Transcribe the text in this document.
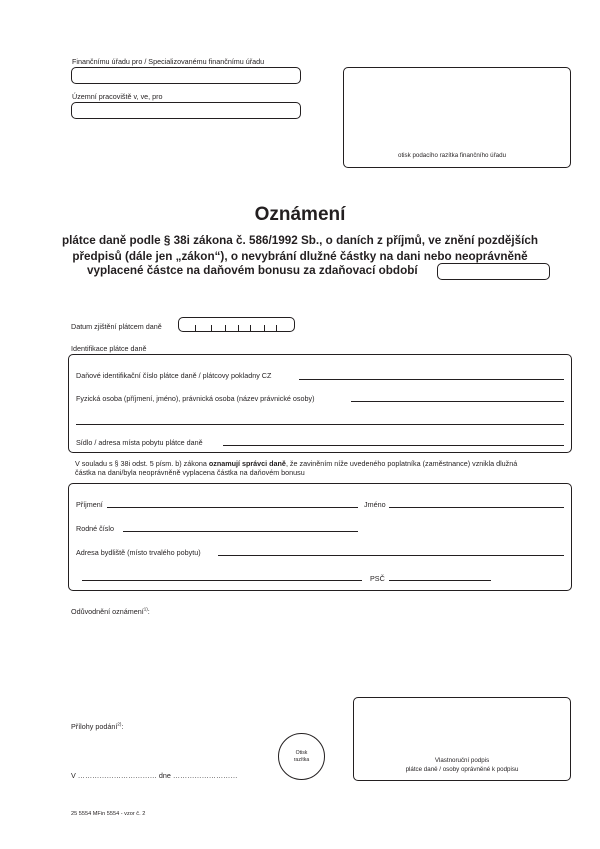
Finančnímu úřadu pro / Specializovanému finančnímu úřadu
Územní pracoviště v, ve, pro
otisk podacího razítka finančního úřadu
Oznámení
plátce daně podle § 38i zákona č. 586/1992 Sb., o daních z příjmů, ve znění pozdějších
předpisů (dále jen „zákon“), o nevybrání dlužné částky na dani nebo neoprávněně
vyplacené částce na daňovém bonusu za zdaňovací období
Datum zjištění plátcem daně
Identifikace plátce daně
Daňové identifikační číslo plátce daně / plátcovy pokladny CZ
Fyzická osoba (příjmení, jméno), právnická osoba (název právnické osoby)
Sídlo / adresa místa pobytu plátce daně
V souladu s § 38i odst. 5 písm. b) zákona oznamují správci daně, že zaviněním níže uvedeného poplatníka (zaměstnance) vznikla dlužná
částka na dani/byla neoprávněně vyplacena částka na daňovém bonusu
Příjmení	Jméno
Rodné číslo
Adresa bydliště (místo trvalého pobytu)
PSČ
Odůvodnění oznámení$^{1)}$:
Přílohy podání$^{2)}$:
V …………………………… dne ………………………
Otisk
razítka	Vlastnoruční podpis
plátce daně / osoby oprávněné k podpisu
25 5554 MFin 5554 - vzor č. 2
